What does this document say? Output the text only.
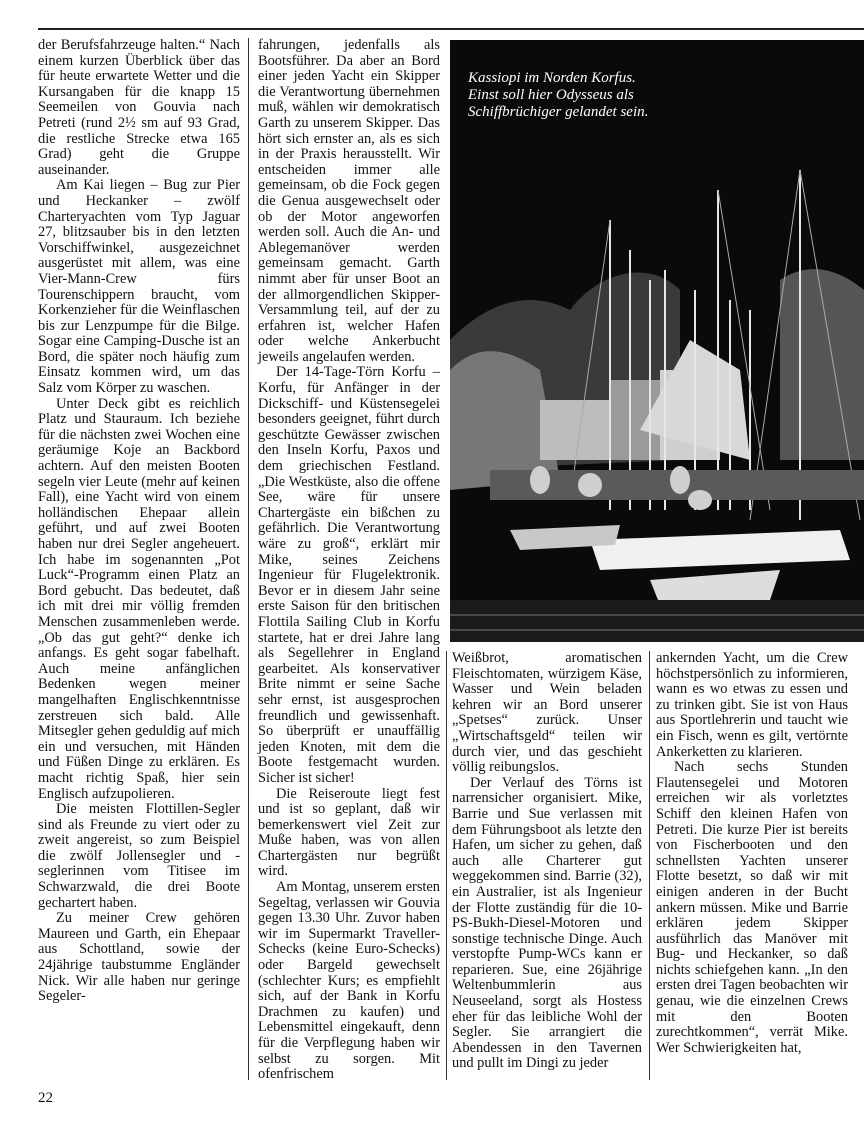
der Berufsfahrzeuge halten.“ Nach einem kurzen Überblick über das für heute erwartete Wetter und die Kursangaben für die knapp 15 Seemeilen von Gouvia nach Petreti (rund 2½ sm auf 93 Grad, die restliche Strecke etwa 165 Grad) geht die Gruppe auseinander.

Am Kai liegen – Bug zur Pier und Heckanker – zwölf Charteryachten vom Typ Jaguar 27, blitzsauber bis in den letzten Vorschiffwinkel, ausgezeichnet ausgerüstet mit allem, was eine Vier-Mann-Crew fürs Tourenschippern braucht, vom Korkenzieher für die Weinflaschen bis zur Lenzpumpe für die Bilge. Sogar eine Camping-Dusche ist an Bord, die später noch häufig zum Einsatz kommen wird, um das Salz vom Körper zu waschen.

Unter Deck gibt es reichlich Platz und Stauraum. Ich beziehe für die nächsten zwei Wochen eine geräumige Koje an Backbord achtern. Auf den meisten Booten segeln vier Leute (mehr auf keinen Fall), eine Yacht wird von einem holländischen Ehepaar allein geführt, und auf zwei Booten haben nur drei Segler angeheuert. Ich habe im sogenannten „Pot Luck“-Programm einen Platz an Bord gebucht. Das bedeutet, daß ich mit drei mir völlig fremden Menschen zusammenleben werde. „Ob das gut geht?“ denke ich anfangs. Es geht sogar fabelhaft. Auch meine anfänglichen Bedenken wegen meiner mangelhaften Englischkenntnisse zerstreuen sich bald. Alle Mitsegler gehen geduldig auf mich ein und versuchen, mit Händen und Füßen Dinge zu erklären. Es macht richtig Spaß, hier sein Englisch aufzupolieren.

Die meisten Flottillen-Segler sind als Freunde zu viert oder zu zweit angereist, so zum Beispiel die zwölf Jollensegler und -seglerinnen vom Titisee im Schwarzwald, die drei Boote gechartert haben.

Zu meiner Crew gehören Maureen und Garth, ein Ehepaar aus Schottland, sowie der 24jährige taubstumme Engländer Nick. Wir alle haben nur geringe Segeler-

fahrungen, jedenfalls als Bootsführer. Da aber an Bord einer jeden Yacht ein Skipper die Verantwortung übernehmen muß, wählen wir demokratisch Garth zu unserem Skipper. Das hört sich ernster an, als es sich in der Praxis herausstellt. Wir entscheiden immer alle gemeinsam, ob die Fock gegen die Genua ausgewechselt oder ob der Motor angeworfen werden soll. Auch die An- und Ablegemanöver werden gemeinsam gemacht. Garth nimmt aber für unser Boot an der allmorgendlichen Skipper-Versammlung teil, auf der zu erfahren ist, welcher Hafen oder welche Ankerbucht jeweils angelaufen werden.

Der 14-Tage-Törn Korfu – Korfu, für Anfänger in der Dickschiff- und Küstensegelei besonders geeignet, führt durch geschützte Gewässer zwischen den Inseln Korfu, Paxos und dem griechischen Festland. „Die Westküste, also die offene See, wäre für unsere Chartergäste ein bißchen zu gefährlich. Die Verantwortung wäre zu groß“, erklärt mir Mike, seines Zeichens Ingenieur für Flugelektronik. Bevor er in diesem Jahr seine erste Saison für den britischen Flottila Sailing Club in Korfu startete, hat er drei Jahre lang als Segellehrer in England gearbeitet. Als konservativer Brite nimmt er seine Sache sehr ernst, ist ausgesprochen freundlich und gewissenhaft. So überprüft er unauffällig jeden Knoten, mit dem die Boote festgemacht wurden. Sicher ist sicher!

Die Reiseroute liegt fest und ist so geplant, daß wir bemerkenswert viel Zeit zur Muße haben, was von allen Chartergästen nur begrüßt wird.

Am Montag, unserem ersten Segeltag, verlassen wir Gouvia gegen 13.30 Uhr. Zuvor haben wir im Supermarkt Traveller-Schecks (keine Euro-Schecks) oder Bargeld gewechselt (schlechter Kurs; es empfiehlt sich, auf der Bank in Korfu Drachmen zu kaufen) und Lebensmittel eingekauft, denn für die Verpflegung haben wir selbst zu sorgen. Mit ofenfrischem

Kassiopi im Norden Korfus. Einst soll hier Odysseus als Schiffbrüchiger gelandet sein.

Weißbrot, aromatischen Fleischtomaten, würzigem Käse, Wasser und Wein beladen kehren wir an Bord unserer „Spetses“ zurück. Unser „Wirtschaftsgeld“ teilen wir durch vier, und das geschieht völlig reibungslos.

Der Verlauf des Törns ist narrensicher organisiert. Mike, Barrie und Sue verlassen mit dem Führungsboot als letzte den Hafen, um sicher zu gehen, daß auch alle Charterer gut weggekommen sind. Barrie (32), ein Australier, ist als Ingenieur der Flotte zuständig für die 10-PS-Bukh-Diesel-Motoren und sonstige technische Dinge. Auch verstopfte Pump-WCs kann er reparieren. Sue, eine 26jährige Weltenbummlerin aus Neuseeland, sorgt als Hostess eher für das leibliche Wohl der Segler. Sie arrangiert die Abendessen in den Tavernen und pullt im Dingi zu jeder

ankernden Yacht, um die Crew höchstpersönlich zu informieren, wann es wo etwas zu essen und zu trinken gibt. Sie ist von Haus aus Sportlehrerin und taucht wie ein Fisch, wenn es gilt, vertörnte Ankerketten zu klarieren.

Nach sechs Stunden Flautensegelei und Motoren erreichen wir als vorletztes Schiff den kleinen Hafen von Petreti. Die kurze Pier ist bereits von Fischerbooten und den schnellsten Yachten unserer Flotte besetzt, so daß wir mit einigen anderen in der Bucht ankern müssen. Mike und Barrie erklären jedem Skipper ausführlich das Manöver mit Bug- und Heckanker, so daß nichts schiefgehen kann. „In den ersten drei Tagen beobachten wir genau, wie die einzelnen Crews mit den Booten zurechtkommen“, verrät Mike. Wer Schwierigkeiten hat,

22
